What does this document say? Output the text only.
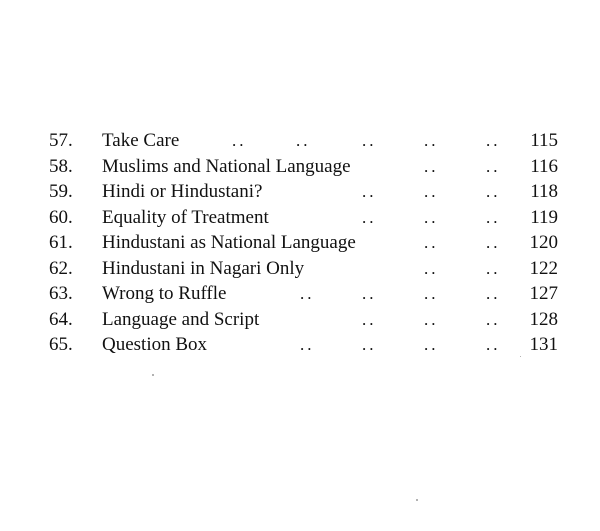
57. Take Care	..	..	..	..	.. 115
58. Muslims and National Language	..	.. 116
59. Hindi or Hindustani?	..	..	.. 118
60. Equality of Treatment	..	..	.. 119
61. Hindustani as National Language	..	.. 120
62. Hindustani in Nagari Only	..	.. 122
63. Wrong to Ruffle	..	..	..	.. 127
64. Language and Script	..	..	.. 128
65. Question Box	..	..	..	.. 131
